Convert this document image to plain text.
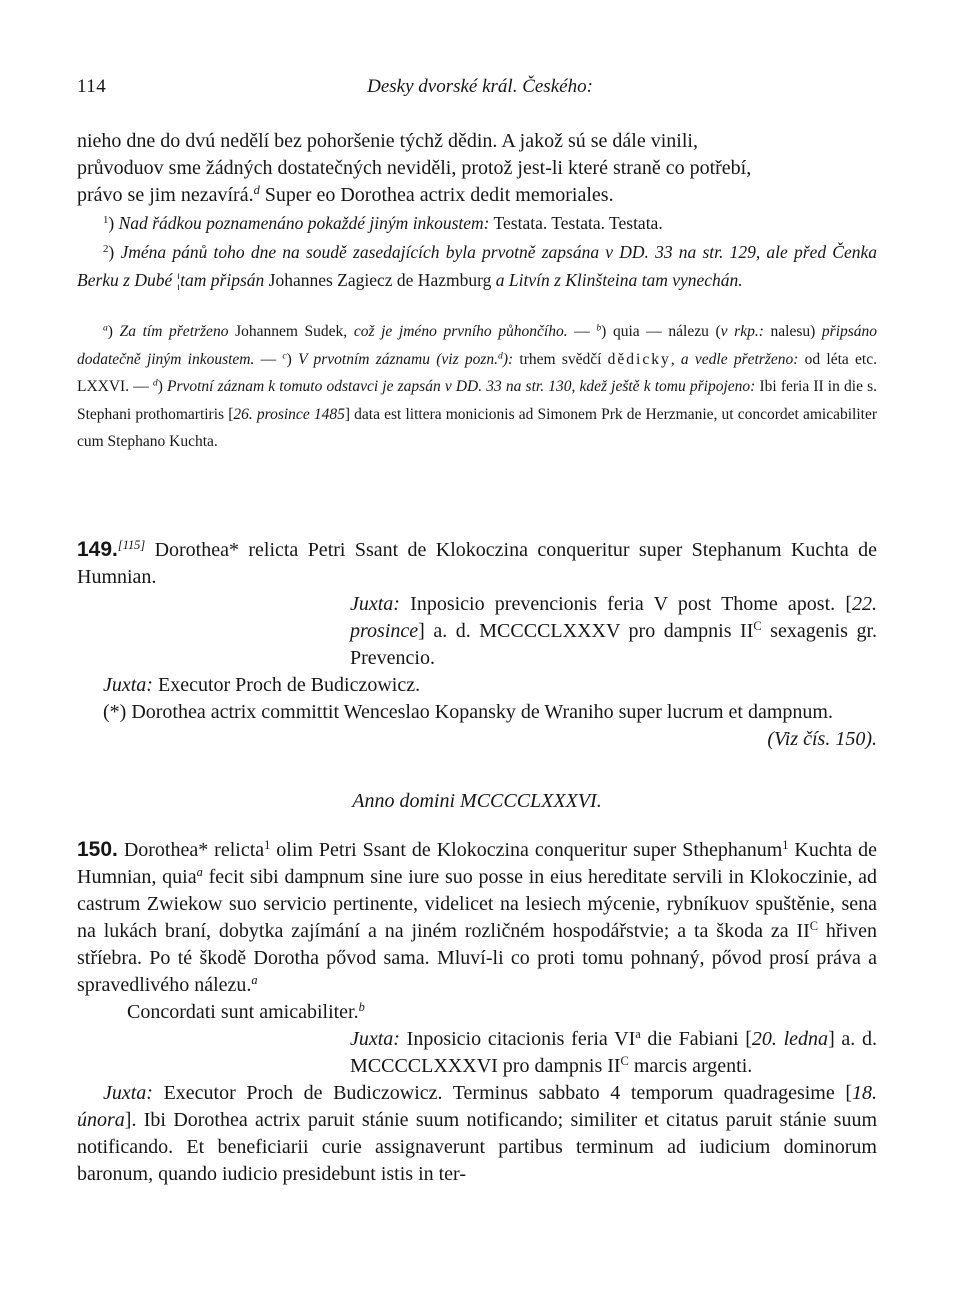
114	Desky dvorské král. Českého:

nieho dne do dvú nedělí bez pohoršenie týchž dědin. A jakož sú se dále vinili,

průvoduov sme žádných dostatečných neviděli, protož jest-li které straně co potřebí,

právo se jim nezavírá.$^d$ Super eo Dorothea actrix dedit memoriales.

$^1$) Nad řádkou poznamenáno pokaždé jiným inkoustem: Testata. Testata. Testata.

$^2$) Jména pánů toho dne na soudě zasedajících byla prvotně zapsána v DD. 33 na str. 129, ale před Čenka Berku z Dubé ¦tam připsán Johannes Zagiecz de Hazmburg a Litvín z Klinšteina tam vynechán.

$^a$) Za tím přetrženo Johannem Sudek, což je jméno prvního půhončího. — $^b$) quia — nálezu (v rkp.: nalesu) připsáno dodatečně jiným inkoustem. — $^c$) V prvotním záznamu (viz pozn.$^d$): trhem svědčí dědicky, a vedle přetrženo: od léta etc. LXXVI. — $^d$) Prvotní záznam k tomuto odstavci je zapsán v DD. 33 na str. 130, kdež ještě k tomu připojeno: Ibi feria II in die s. Stephani prothomartiris [26. prosince 1485] data est littera monicionis ad Simonem Prk de Herzmanie, ut concordet amicabiliter cum Stephano Kuchta.

149.[115] Dorothea* relicta Petri Ssant de Klokoczina conqueritur super Stephanum Kuchta de Humnian.

Juxta: Inposicio prevencionis feria V post Thome apost. [22. prosince] a. d. MCCCCLXXXV pro dampnis $II^C$ sexagenis gr. Prevencio.

Juxta: Executor Proch de Budiczowicz.

(*) Dorothea actrix committit Wenceslao Kopansky de Wraniho super lucrum et dampnum.
(Viz čís. 150).

Anno domini MCCCCLXXXVI.

150. Dorothea* relicta$^1$ olim Petri Ssant de Klokoczina conqueritur super Sthephanum$^1$ Kuchta de Humnian, quia$^a$ fecit sibi dampnum sine iure suo posse in eius hereditate servili in Klokoczinie, ad castrum Zwiekow suo servicio pertinente, videlicet na lesiech mýcenie, rybníkuov spuštěnie, sena na lukách braní, dobytka zajímání a na jiném rozličném hospodářstvie; a ta škoda za $II^C$ hřiven stříebra. Po té škodě Dorotha pővod sama. Mluví-li co proti tomu pohnaný, pővod prosí práva a spravedlivého nálezu.$^a$

Concordati sunt amicabiliter.$^b$

Juxta: Inposicio citacionis feria $VI^a$ die Fabiani [20. ledna] a. d. MCCCCLXXXVI pro dampnis $II^C$ marcis argenti.

Juxta: Executor Proch de Budiczowicz. Terminus sabbato 4 temporum quadragesime [18. února]. Ibi Dorothea actrix paruit stánie suum notificando; similiter et citatus paruit stánie suum notificando. Et beneficiarii curie assignaverunt partibus terminum ad iudicium dominorum baronum, quando iudicio presidebunt istis in ter-
